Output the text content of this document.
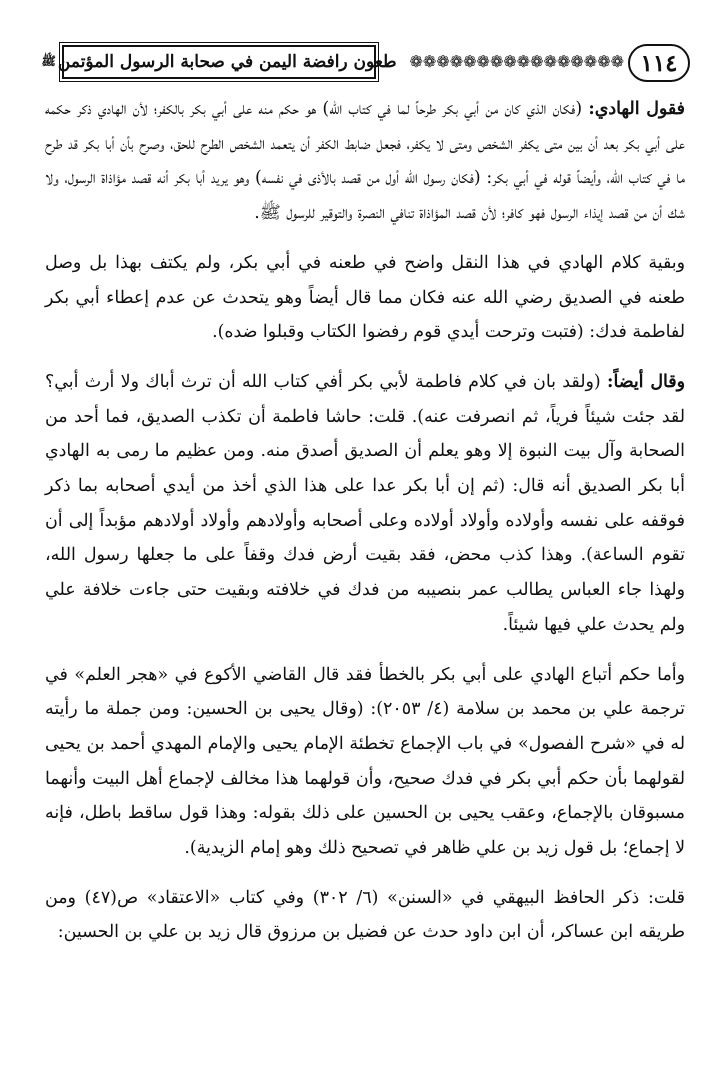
١١٤
❁❁❁❁❁❁❁❁❁❁❁❁❁❁❁❁
طعون رافضة اليمن في صحابة الرسول المؤتمن
ﷺ

فقول الهادي: (فكان الذي كان من أبي بكر طرحاً لما في كتاب الله) هو حكم منه على أبي بكر بالكفر؛ لأن الهادي ذكر حكمه على أبي بكر بعد أن بين متى يكفر الشخص ومتى لا يكفر، فجعل ضابط الكفر أن يتعمد الشخص الطرح للحق، وصرح بأن أبا بكر قد طرح ما في كتاب الله، وأيضاً قوله في أبي بكر: (فكان رسول الله أول من قصد بالأذى في نفسه) وهو يريد أبا بكر أنه قصد مؤاذاة الرسول، ولا شك أن من قصد إيذاء الرسول فهو كافر؛ لأن قصد المؤاذاة تنافي النصرة والتوقير للرسول ﷺ.

وبقية كلام الهادي في هذا النقل واضح في طعنه في أبي بكر، ولم يكتف بهذا بل وصل طعنه في الصديق رضي الله عنه فكان مما قال أيضاً وهو يتحدث عن عدم إعطاء أبي بكر لفاطمة فدك: (فتبت وترحت أيدي قوم رفضوا الكتاب وقبلوا ضده).

وقال أيضاً: (ولقد بان في كلام فاطمة لأبي بكر أفي كتاب الله أن ترث أباك ولا أرث أبي؟ لقد جئت شيئاً فرياً، ثم انصرفت عنه). قلت: حاشا فاطمة أن تكذب الصديق، فما أحد من الصحابة وآل بيت النبوة إلا وهو يعلم أن الصديق أصدق منه. ومن عظيم ما رمى به الهادي أبا بكر الصديق أنه قال: (ثم إن أبا بكر عدا على هذا الذي أخذ من أيدي أصحابه بما ذكر فوقفه على نفسه وأولاده وأولاد أولاده وعلى أصحابه وأولادهم وأولاد أولادهم مؤبداً إلى أن تقوم الساعة). وهذا كذب محض، فقد بقيت أرض فدك وقفاً على ما جعلها رسول الله، ولهذا جاء العباس يطالب عمر بنصيبه من فدك في خلافته وبقيت حتى جاءت خلافة علي ولم يحدث علي فيها شيئاً.

وأما حكم أتباع الهادي على أبي بكر بالخطأ فقد قال القاضي الأكوع في «هجر العلم» في ترجمة علي بن محمد بن سلامة (٤/ ٢٠٥٣): (وقال يحيى بن الحسين: ومن جملة ما رأيته له في «شرح الفصول» في باب الإجماع تخطئة الإمام يحيى والإمام المهدي أحمد بن يحيى لقولهما بأن حكم أبي بكر في فدك صحيح، وأن قولهما هذا مخالف لإجماع أهل البيت وأنهما مسبوقان بالإجماع، وعقب يحيى بن الحسين على ذلك بقوله: وهذا قول ساقط باطل، فإنه لا إجماع؛ بل قول زيد بن علي ظاهر في تصحيح ذلك وهو إمام الزيدية).

قلت: ذكر الحافظ البيهقي في «السنن» (٦/ ٣٠٢) وفي كتاب «الاعتقاد» ص(٤٧) ومن طريقه ابن عساكر، أن ابن داود حدث عن فضيل بن مرزوق قال زيد بن علي بن الحسين:
